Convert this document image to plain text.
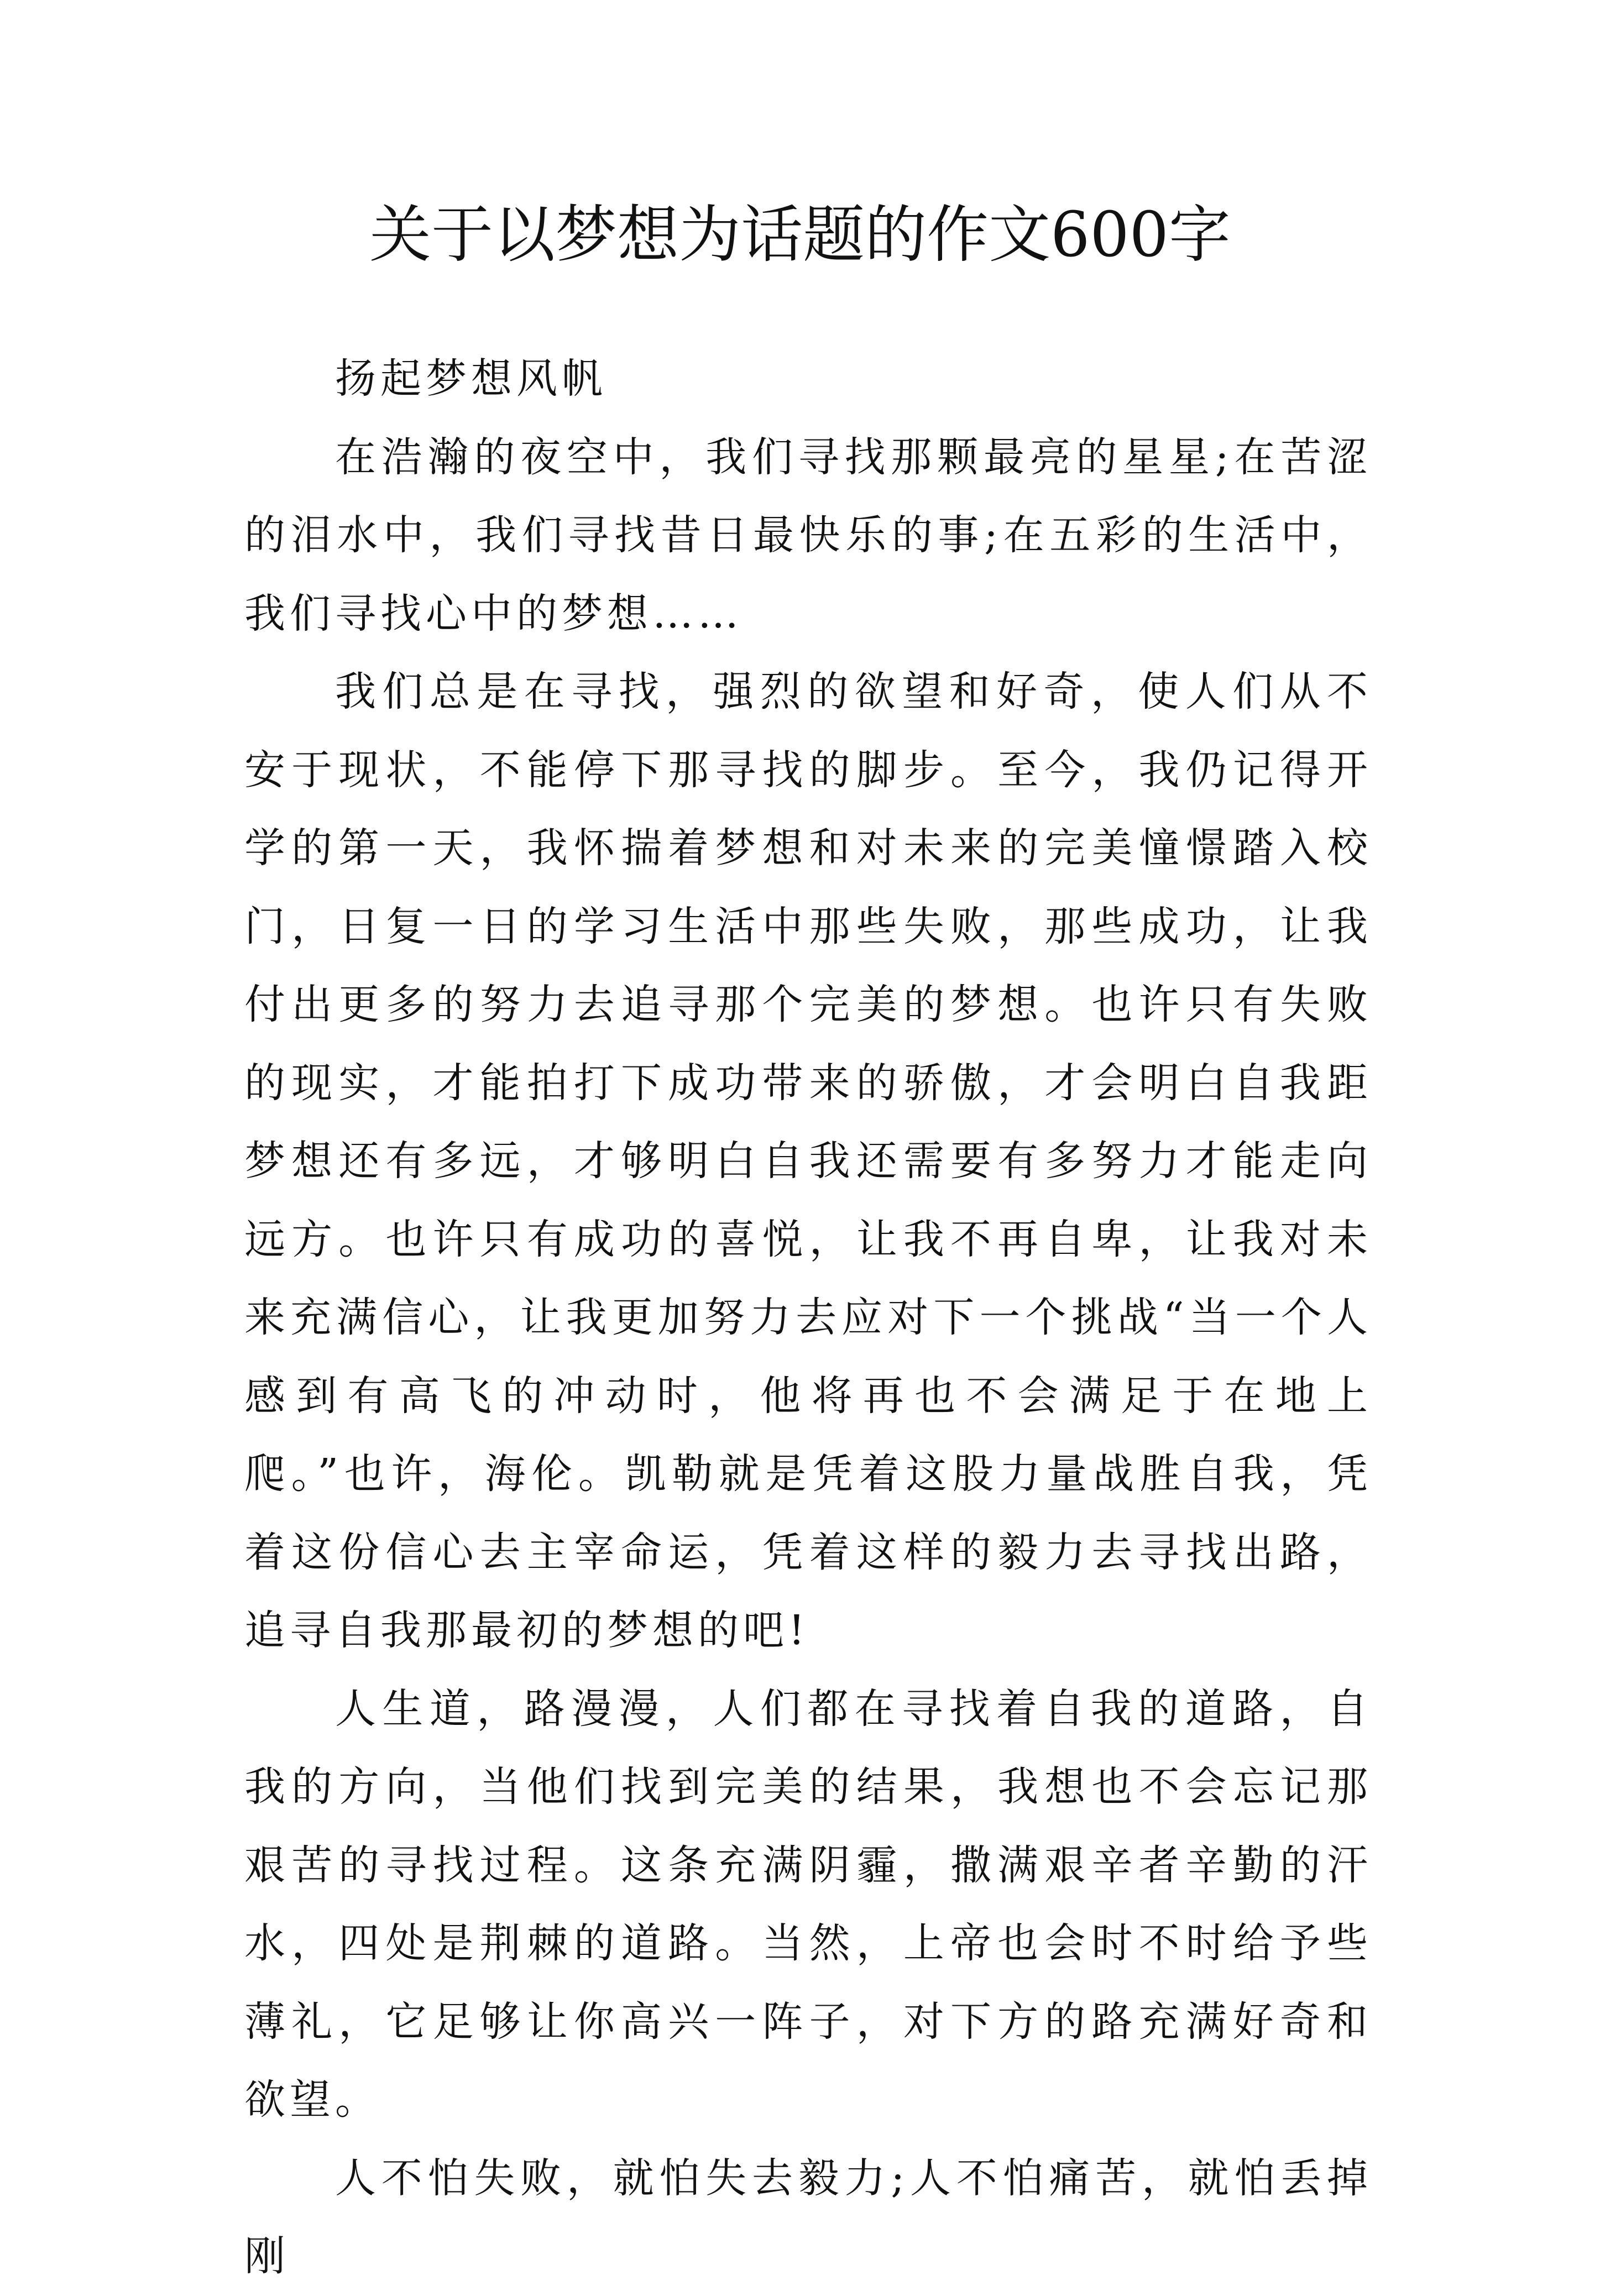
关于以梦想为话题的作文600字

扬起梦想风帆

在浩瀚的夜空中，我们寻找那颗最亮的星星;在苦涩的泪水中，我们寻找昔日最快乐的事;在五彩的生活中，我们寻找心中的梦想……

我们总是在寻找，强烈的欲望和好奇，使人们从不安于现状，不能停下那寻找的脚步。至今，我仍记得开学的第一天，我怀揣着梦想和对未来的完美憧憬踏入校门，日复一日的学习生活中那些失败，那些成功，让我付出更多的努力去追寻那个完美的梦想。也许只有失败的现实，才能拍打下成功带来的骄傲，才会明白自我距梦想还有多远，才够明白自我还需要有多努力才能走向远方。也许只有成功的喜悦，让我不再自卑，让我对未来充满信心，让我更加努力去应对下一个挑战“当一个人感到有高飞的冲动时，他将再也不会满足于在地上爬。”也许，海伦。凯勒就是凭着这股力量战胜自我，凭着这份信心去主宰命运，凭着这样的毅力去寻找出路，追寻自我那最初的梦想的吧!

人生道，路漫漫，人们都在寻找着自我的道路，自我的方向，当他们找到完美的结果，我想也不会忘记那艰苦的寻找过程。这条充满阴霾，撒满艰辛者辛勤的汗水，四处是荆棘的道路。当然，上帝也会时不时给予些薄礼，它足够让你高兴一阵子，对下方的路充满好奇和欲望。

人不怕失败，就怕失去毅力;人不怕痛苦，就怕丢掉刚
